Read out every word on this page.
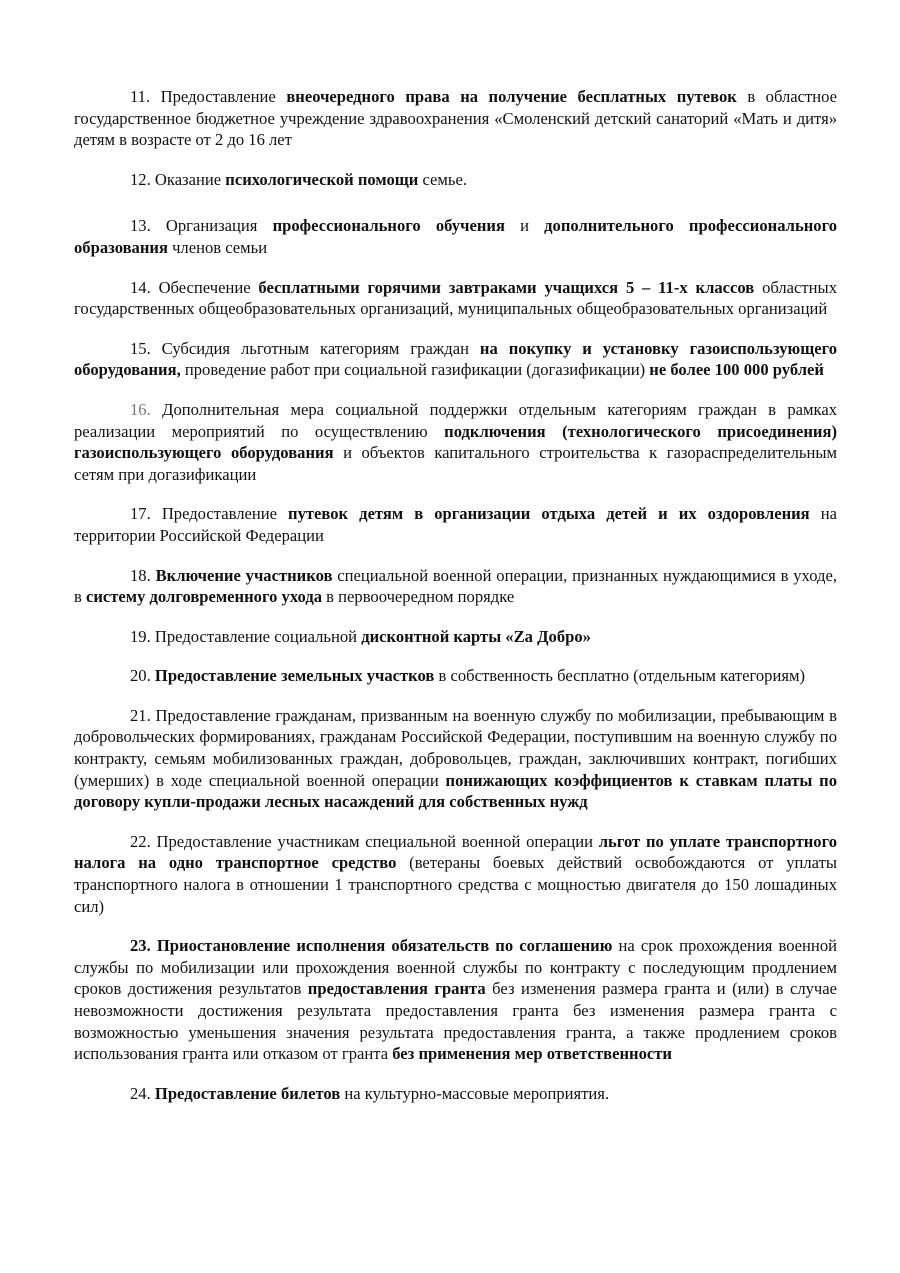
11. Предоставление внеочередного права на получение бесплатных путевок в областное государственное бюджетное учреждение здравоохранения «Смоленский детский санаторий «Мать и дитя» детям в возрасте от 2 до 16 лет

12. Оказание психологической помощи семье.

13. Организация профессионального обучения и дополнительного профессионального образования членов семьи

14. Обеспечение бесплатными горячими завтраками учащихся 5 – 11-х классов областных государственных общеобразовательных организаций, муниципальных общеобразовательных организаций

15. Субсидия льготным категориям граждан на покупку и установку газоиспользующего оборудования, проведение работ при социальной газификации (догазификации) не более 100 000 рублей

16. Дополнительная мера социальной поддержки отдельным категориям граждан в рамках реализации мероприятий по осуществлению подключения (технологического присоединения) газоиспользующего оборудования и объектов капитального строительства к газораспределительным сетям при догазификации

17. Предоставление путевок детям в организации отдыха детей и их оздоровления на территории Российской Федерации

18. Включение участников специальной военной операции, признанных нуждающимися в уходе, в систему долговременного ухода в первоочередном порядке

19. Предоставление социальной дисконтной карты «Za Добро»

20. Предоставление земельных участков в собственность бесплатно (отдельным категориям)

21. Предоставление гражданам, призванным на военную службу по мобилизации, пребывающим в добровольческих формированиях, гражданам Российской Федерации, поступившим на военную службу по контракту, семьям мобилизованных граждан, добровольцев, граждан, заключивших контракт, погибших (умерших) в ходе специальной военной операции понижающих коэффициентов к ставкам платы по договору купли-продажи лесных насаждений для собственных нужд

22. Предоставление участникам специальной военной операции льгот по уплате транспортного налога на одно транспортное средство (ветераны боевых действий освобождаются от уплаты транспортного налога в отношении 1 транспортного средства с мощностью двигателя до 150 лошадиных сил)

23. Приостановление исполнения обязательств по соглашению на срок прохождения военной службы по мобилизации или прохождения военной службы по контракту с последующим продлением сроков достижения результатов предоставления гранта без изменения размера гранта и (или) в случае невозможности достижения результата предоставления гранта без изменения размера гранта с возможностью уменьшения значения результата предоставления гранта, а также продлением сроков использования гранта или отказом от гранта без применения мер ответственности

24. Предоставление билетов на культурно-массовые мероприятия.
